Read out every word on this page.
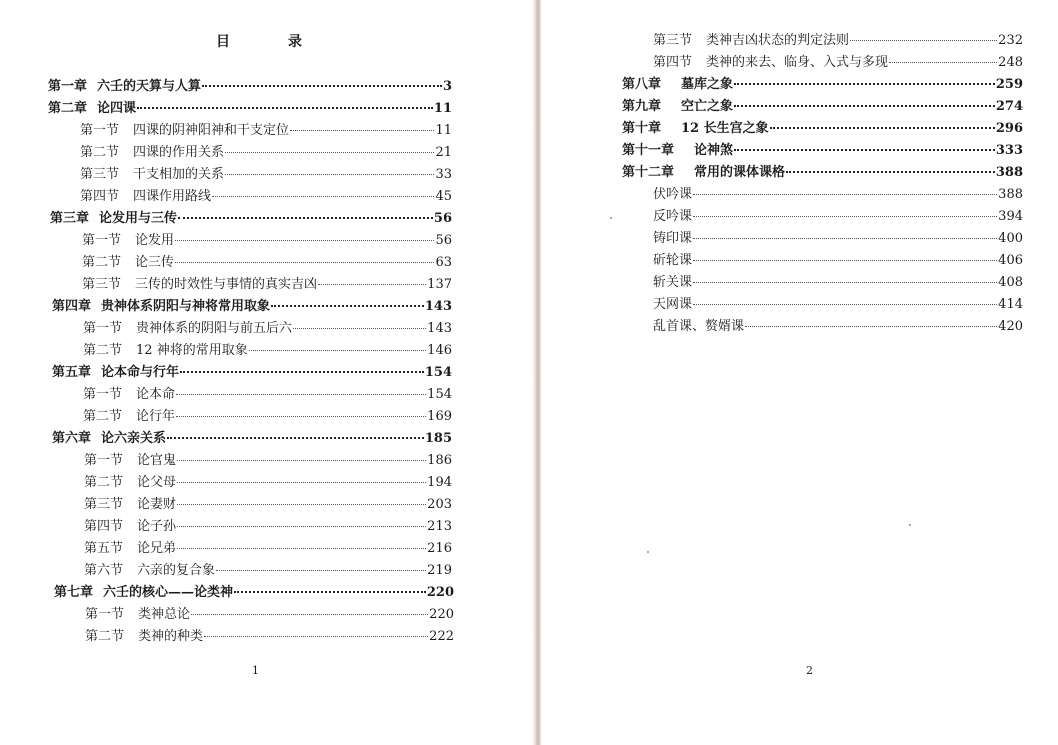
目　录
第一章 六壬的天算与人算	3
第二章 论四课	11
第一节 四课的阴神阳神和干支定位	11
第二节 四课的作用关系	21
第三节 干支相加的关系	33
第四节 四课作用路线	45
第三章 论发用与三传	56
第一节 论发用	56
第二节 论三传	63
第三节 三传的时效性与事情的真实吉凶	137
第四章 贵神体系阴阳与神将常用取象	143
第一节 贵神体系的阴阳与前五后六	143
第二节 12 神将的常用取象	146
第五章 论本命与行年	154
第一节 论本命	154
第二节 论行年	169
第六章 论六亲关系	185
第一节 论官鬼	186
第二节 论父母	194
第三节 论妻财	203
第四节 论子孙	213
第五节 论兄弟	216
第六节 六亲的复合象	219
第七章 六壬的核心——论类神	220
第一节 类神总论	220
第二节 类神的种类	222
1
第三节 类神吉凶状态的判定法则	232
第四节 类神的来去、临身、入式与多现	248
第八章 墓库之象	259
第九章 空亡之象	274
第十章 12 长生宫之象	296
第十一章 论神煞	333
第十二章 常用的课体课格	388
伏吟课	388
反吟课	394
铸印课	400
斫轮课	406
斩关课	408
天网课	414
乱首课、赘婿课	420
2
